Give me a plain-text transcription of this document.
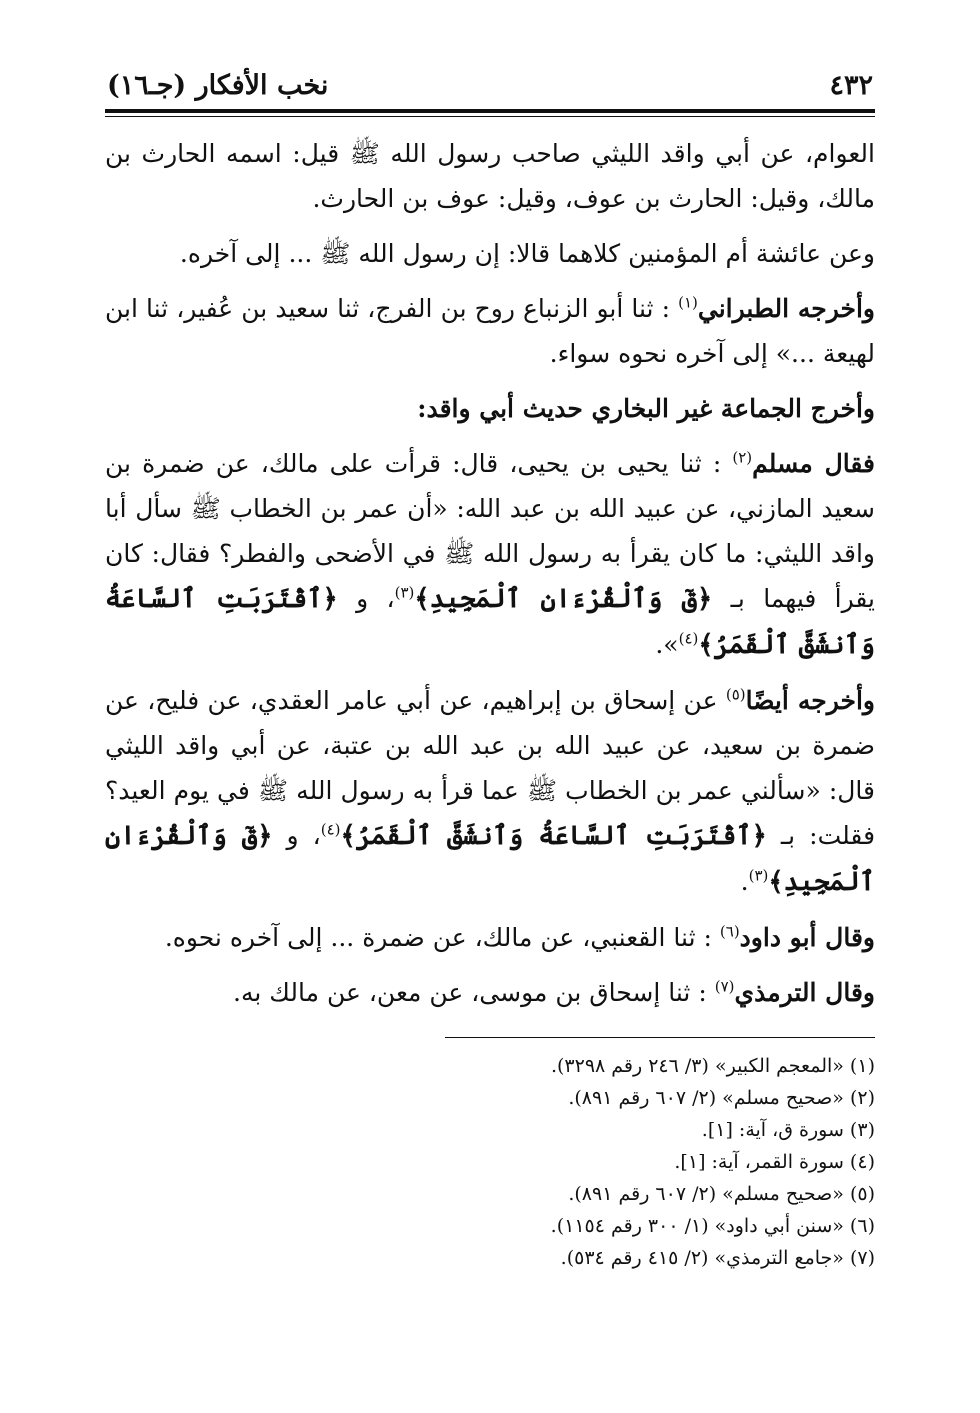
٤٣٢
نخب الأفكار (جـ١٦)

العوام، عن أبي واقد الليثي صاحب رسول الله ﷺ قيل: اسمه الحارث بن مالك، وقيل: الحارث بن عوف، وقيل: عوف بن الحارث.

وعن عائشة أم المؤمنين كلاهما قالا: إن رسول الله ﷺ ... إلى آخره.

وأخرجه الطبراني$^{(١)}$ : ثنا أبو الزنباع روح بن الفرج، ثنا سعيد بن عُفير، ثنا ابن لهيعة ...» إلى آخره نحوه سواء.

وأخرج الجماعة غير البخاري حديث أبي واقد:

فقال مسلم$^{(٢)}$ : ثنا يحيى بن يحيى، قال: قرأت على مالك، عن ضمرة بن سعيد المازني، عن عبيد الله بن عبد الله: «أن عمر بن الخطاب ﷺ سأل أبا واقد الليثي: ما كان يقرأ به رسول الله ﷺ في الأضحى والفطر؟ فقال: كان يقرأ فيهما بـ ﴿قٓ وَٱلْقُرْءَانِ ٱلْمَجِيدِ﴾$^{(٣)}$، و ﴿ٱقْتَرَبَتِ ٱلسَّاعَةُ وَٱنشَقَّ ٱلْقَمَرُ﴾$^{(٤)}$».

وأخرجه أيضًا$^{(٥)}$ عن إسحاق بن إبراهيم، عن أبي عامر العقدي، عن فليح، عن ضمرة بن سعيد، عن عبيد الله بن عبد الله بن عتبة، عن أبي واقد الليثي قال: «سألني عمر بن الخطاب ﷺ عما قرأ به رسول الله ﷺ في يوم العيد؟ فقلت: بـ ﴿ٱقْتَرَبَتِ ٱلسَّاعَةُ وَٱنشَقَّ ٱلْقَمَرُ﴾$^{(٤)}$، و ﴿قٓ وَٱلْقُرْءَانِ ٱلْمَجِيدِ﴾$^{(٣)}$.

وقال أبو داود$^{(٦)}$ : ثنا القعنبي، عن مالك، عن ضمرة ... إلى آخره نحوه.

وقال الترمذي$^{(٧)}$ : ثنا إسحاق بن موسى، عن معن، عن مالك به.

(١) «المعجم الكبير» (٣/ ٢٤٦ رقم ٣٢٩٨).
(٢) «صحيح مسلم» (٢/ ٦٠٧ رقم ٨٩١).
(٣) سورة ق، آية: [١].
(٤) سورة القمر، آية: [١].
(٥) «صحيح مسلم» (٢/ ٦٠٧ رقم ٨٩١).
(٦) «سنن أبي داود» (١/ ٣٠٠ رقم ١١٥٤).
(٧) «جامع الترمذي» (٢/ ٤١٥ رقم ٥٣٤).
